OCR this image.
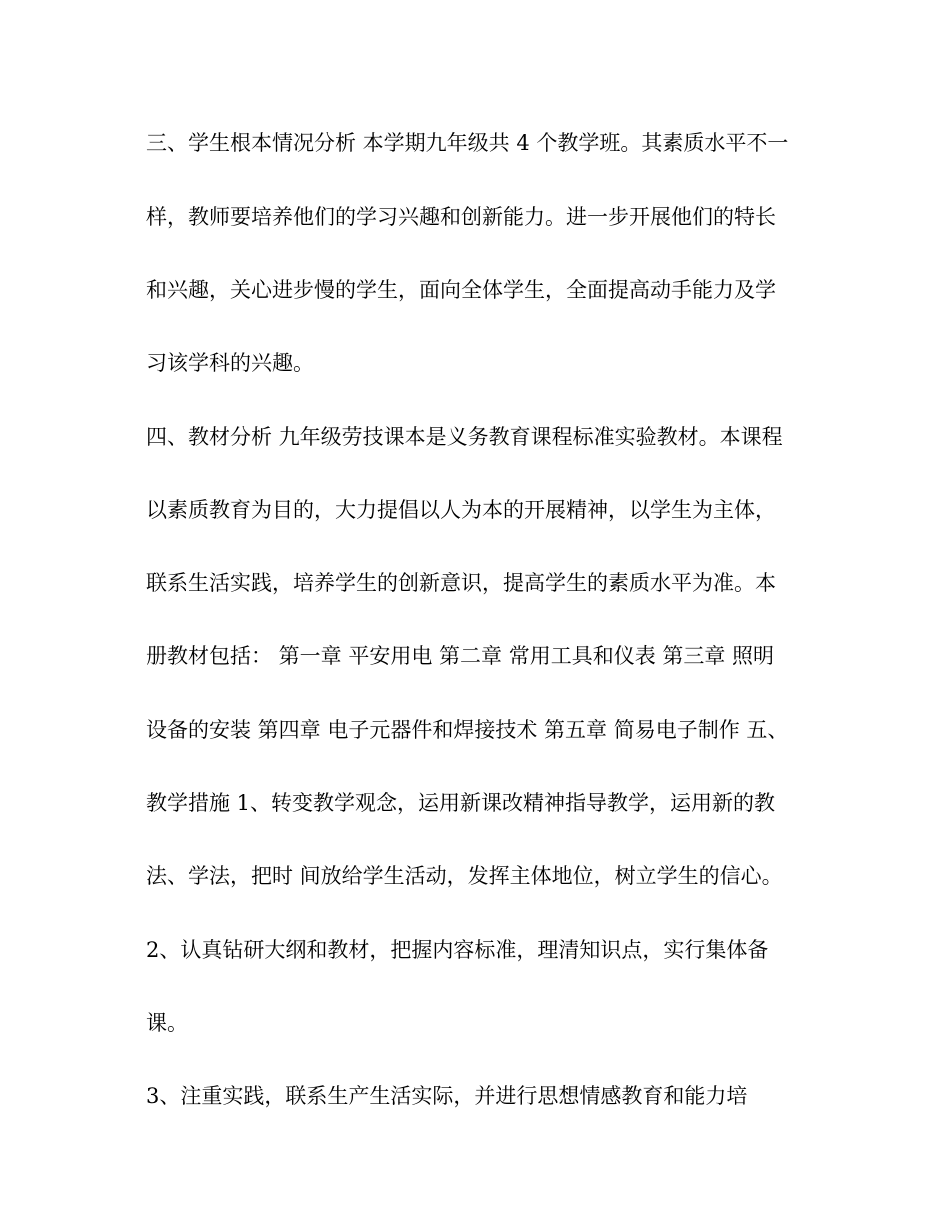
三、学生根本情况分析 本学期九年级共 4 个教学班。其素质水平不一
样，教师要培养他们的学习兴趣和创新能力。进一步开展他们的特长
和兴趣，关心进步慢的学生，面向全体学生，全面提高动手能力及学
习该学科的兴趣。
四、教材分析 九年级劳技课本是义务教育课程标准实验教材。本课程
以素质教育为目的，大力提倡以人为本的开展精神，以学生为主体，
联系生活实践，培养学生的创新意识，提高学生的素质水平为准。本
册教材包括： 第一章 平安用电 第二章 常用工具和仪表 第三章 照明
设备的安装 第四章 电子元器件和焊接技术 第五章 简易电子制作 五、
教学措施 1、转变教学观念，运用新课改精神指导教学，运用新的教
法、学法，把时 间放给学生活动，发挥主体地位，树立学生的信心。
2、认真钻研大纲和教材，把握内容标准，理清知识点，实行集体备
课。
3、注重实践，联系生产生活实际，并进行思想情感教育和能力培
